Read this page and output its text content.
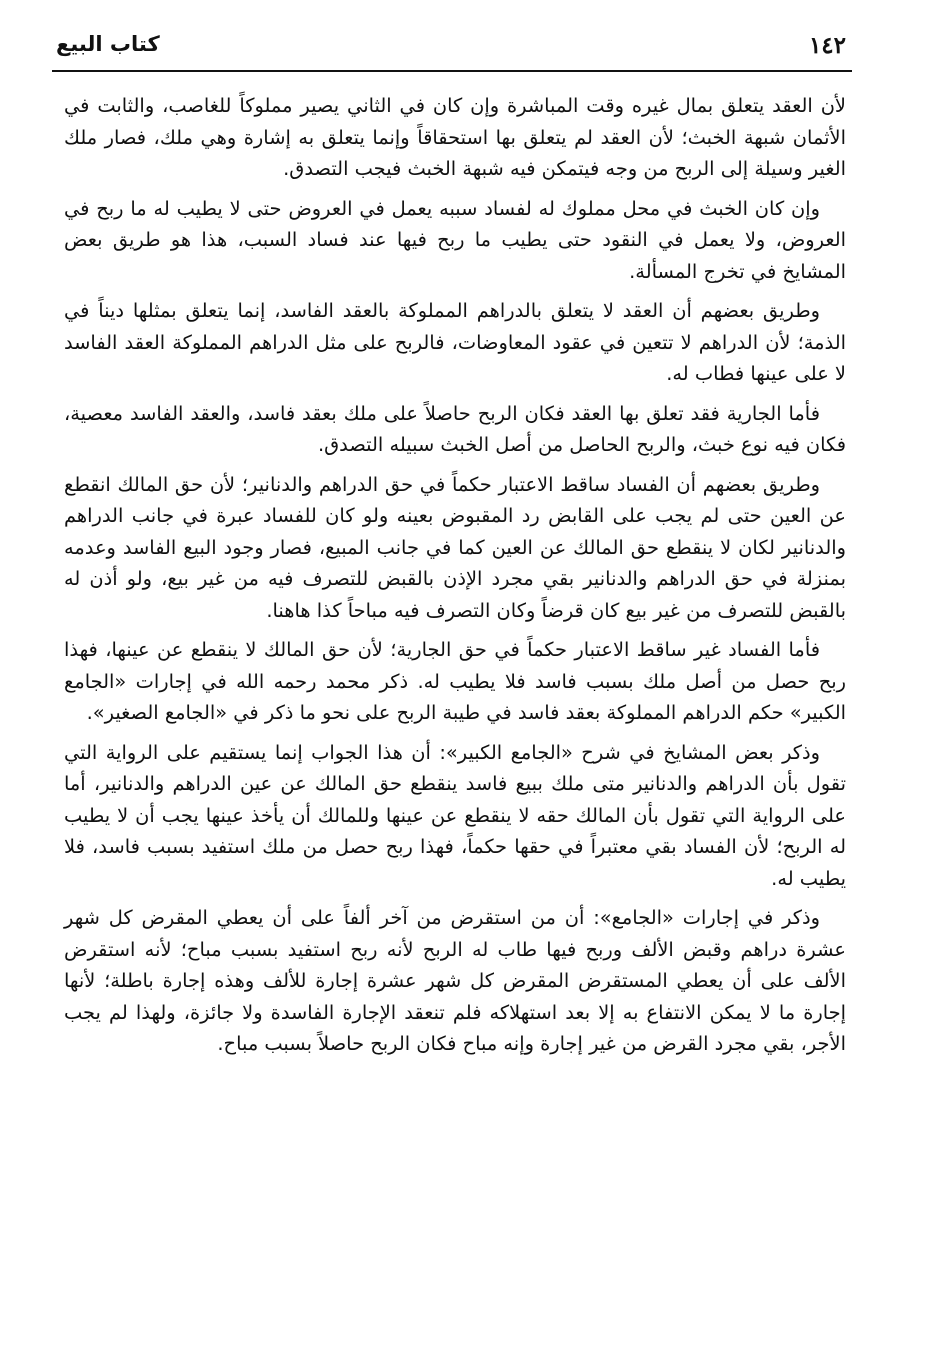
١٤٢
كتاب البيع

لأن العقد يتعلق بمال غيره وقت المباشرة وإن كان في الثاني يصير مملوكاً للغاصب، والثابت في الأثمان شبهة الخبث؛ لأن العقد لم يتعلق بها استحقاقاً وإنما يتعلق به إشارة وهي ملك، فصار ملك الغير وسيلة إلى الربح من وجه فيتمكن فيه شبهة الخبث فيجب التصدق.

وإن كان الخبث في محل مملوك له لفساد سببه يعمل في العروض حتى لا يطيب له ما ربح في العروض، ولا يعمل في النقود حتى يطيب ما ربح فيها عند فساد السبب، هذا هو طريق بعض المشايخ في تخرج المسألة.

وطريق بعضهم أن العقد لا يتعلق بالدراهم المملوكة بالعقد الفاسد، إنما يتعلق بمثلها ديناً في الذمة؛ لأن الدراهم لا تتعين في عقود المعاوضات، فالربح على مثل الدراهم المملوكة العقد الفاسد لا على عينها فطاب له.

فأما الجارية فقد تعلق بها العقد فكان الربح حاصلاً على ملك بعقد فاسد، والعقد الفاسد معصية، فكان فيه نوع خبث، والربح الحاصل من أصل الخبث سبيله التصدق.

وطريق بعضهم أن الفساد ساقط الاعتبار حكماً في حق الدراهم والدنانير؛ لأن حق المالك انقطع عن العين حتى لم يجب على القابض رد المقبوض بعينه ولو كان للفساد عبرة في جانب الدراهم والدنانير لكان لا ينقطع حق المالك عن العين كما في جانب المبيع، فصار وجود البيع الفاسد وعدمه بمنزلة في حق الدراهم والدنانير بقي مجرد الإذن بالقبض للتصرف فيه من غير بيع، ولو أذن له بالقبض للتصرف من غير بيع كان قرضاً وكان التصرف فيه مباحاً كذا هاهنا.

فأما الفساد غير ساقط الاعتبار حكماً في حق الجارية؛ لأن حق المالك لا ينقطع عن عينها، فهذا ربح حصل من أصل ملك بسبب فاسد فلا يطيب له. ذكر محمد رحمه الله في إجارات «الجامع الكبير» حكم الدراهم المملوكة بعقد فاسد في طيبة الربح على نحو ما ذكر في «الجامع الصغير».

وذكر بعض المشايخ في شرح «الجامع الكبير»: أن هذا الجواب إنما يستقيم على الرواية التي تقول بأن الدراهم والدنانير متى ملك ببيع فاسد ينقطع حق المالك عن عين الدراهم والدنانير، أما على الرواية التي تقول بأن المالك حقه لا ينقطع عن عينها وللمالك أن يأخذ عينها يجب أن لا يطيب له الربح؛ لأن الفساد بقي معتبراً في حقها حكماً، فهذا ربح حصل من ملك استفيد بسبب فاسد، فلا يطيب له.

وذكر في إجارات «الجامع»: أن من استقرض من آخر ألفاً على أن يعطي المقرض كل شهر عشرة دراهم وقبض الألف وربح فيها طاب له الربح لأنه ربح استفيد بسبب مباح؛ لأنه استقرض الألف على أن يعطي المستقرض المقرض كل شهر عشرة إجارة للألف وهذه إجارة باطلة؛ لأنها إجارة ما لا يمكن الانتفاع به إلا بعد استهلاكه فلم تنعقد الإجارة الفاسدة ولا جائزة، ولهذا لم يجب الأجر، بقي مجرد القرض من غير إجارة وإنه مباح فكان الربح حاصلاً بسبب مباح.
